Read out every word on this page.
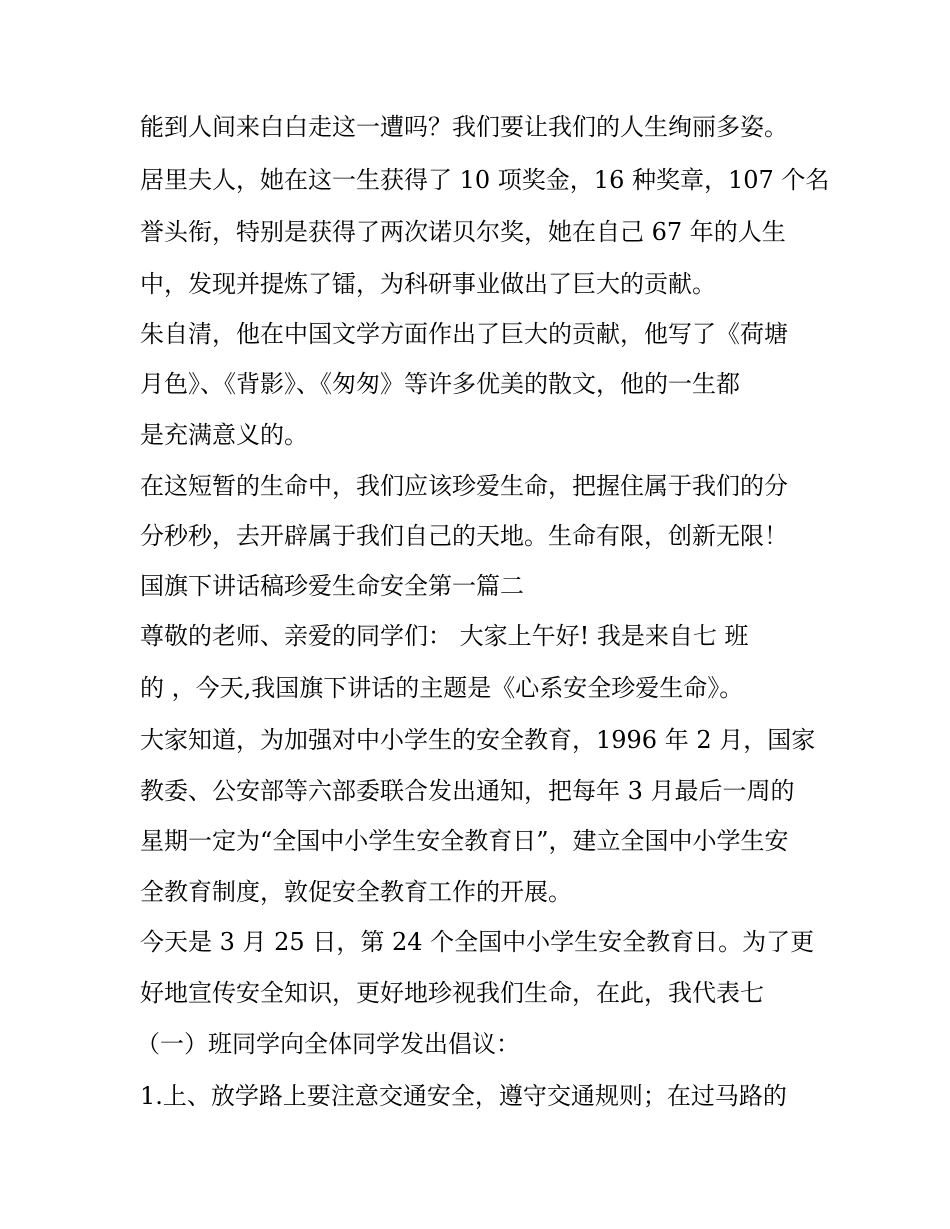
能到人间来白白走这一遭吗？我们要让我们的人生绚丽多姿。
居里夫人，她在这一生获得了 10 项奖金，16 种奖章，107 个名
誉头衔，特别是获得了两次诺贝尔奖，她在自己 67 年的人生
中，发现并提炼了镭，为科研事业做出了巨大的贡献。
朱自清，他在中国文学方面作出了巨大的贡献，他写了《荷塘
月色》、《背影》、《匆匆》等许多优美的散文，他的一生都
是充满意义的。
在这短暂的生命中，我们应该珍爱生命，把握住属于我们的分
分秒秒，去开辟属于我们自己的天地。生命有限，创新无限！
国旗下讲话稿珍爱生命安全第一篇二
尊敬的老师、亲爱的同学们： 大家上午好! 我是来自七 班
的 ，今天,我国旗下讲话的主题是《心系安全珍爱生命》。
大家知道，为加强对中小学生的安全教育，1996 年 2 月，国家
教委、公安部等六部委联合发出通知，把每年 3 月最后一周的
星期一定为“全国中小学生安全教育日”，建立全国中小学生安
全教育制度，敦促安全教育工作的开展。
今天是 3 月 25 日，第 24 个全国中小学生安全教育日。为了更
好地宣传安全知识，更好地珍视我们生命，在此，我代表七
（一）班同学向全体同学发出倡议：
1.上、放学路上要注意交通安全，遵守交通规则；在过马路的
